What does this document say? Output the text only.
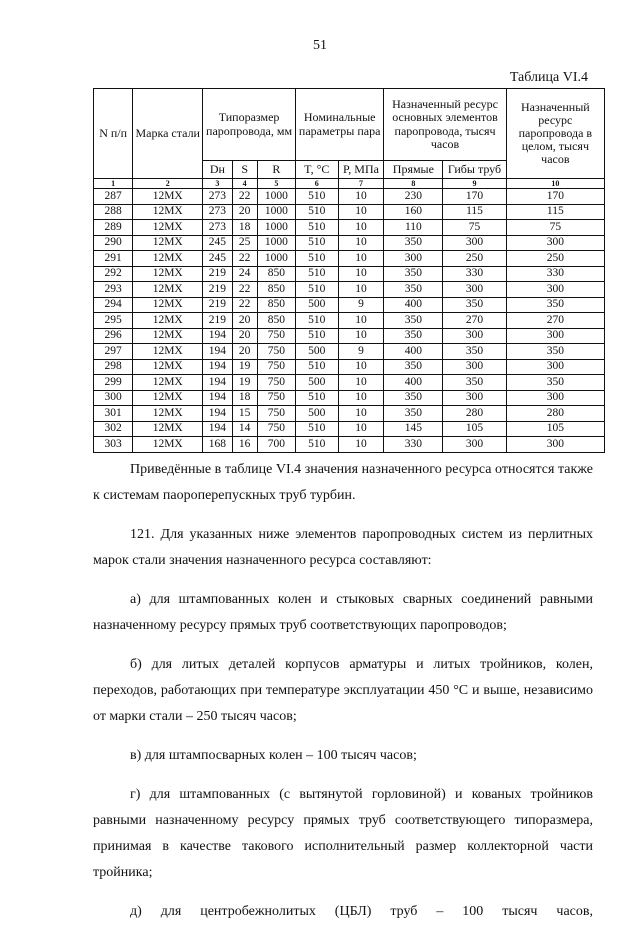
51
Таблица VI.4
N п/п	Марка стали	Типоразмер паропровода, мм			Номинальные параметры пара		Назначенный ресурс основных элементов паропровода, тысяч часов		Назначенный ресурс паропровода в целом, тысяч часов
		Dн	S	R	T, °C	P, МПа	Прямые	Гибы труб	
1	2	3	4	5	6	7	8	9	10
287	12МХ	273	22	1000	510	10	230	170	170
288	12МХ	273	20	1000	510	10	160	115	115
289	12МХ	273	18	1000	510	10	110	75	75
290	12МХ	245	25	1000	510	10	350	300	300
291	12МХ	245	22	1000	510	10	300	250	250
292	12МХ	219	24	850	510	10	350	330	330
293	12МХ	219	22	850	510	10	350	300	300
294	12МХ	219	22	850	500	9	400	350	350
295	12МХ	219	20	850	510	10	350	270	270
296	12МХ	194	20	750	510	10	350	300	300
297	12МХ	194	20	750	500	9	400	350	350
298	12МХ	194	19	750	510	10	350	300	300
299	12МХ	194	19	750	500	10	400	350	350
300	12МХ	194	18	750	510	10	350	300	300
301	12МХ	194	15	750	500	10	350	280	280
302	12МХ	194	14	750	510	10	145	105	105
303	12МХ	168	16	700	510	10	330	300	300

Приведённые в таблице VI.4 значения назначенного ресурса относятся также к системам паороперепускных труб турбин.

121. Для указанных ниже элементов паропроводных систем из перлитных марок стали значения назначенного ресурса составляют:

а) для штампованных колен и стыковых сварных соединений равными назначенному ресурсу прямых труб соответствующих паропроводов;

б) для литых деталей корпусов арматуры и литых тройников, колен, переходов, работающих при температуре эксплуатации 450 °C и выше, независимо от марки стали – 250 тысяч часов;

в) для штампосварных колен – 100 тысяч часов;

г) для штампованных (с вытянутой горловиной) и кованых тройников равными назначенному ресурсу прямых труб соответствующего типоразмера, принимая в качестве такового исполнительный размер коллекторной части тройника;

д) для центробежнолитых (ЦБЛ) труб – 100 тысяч часов,
